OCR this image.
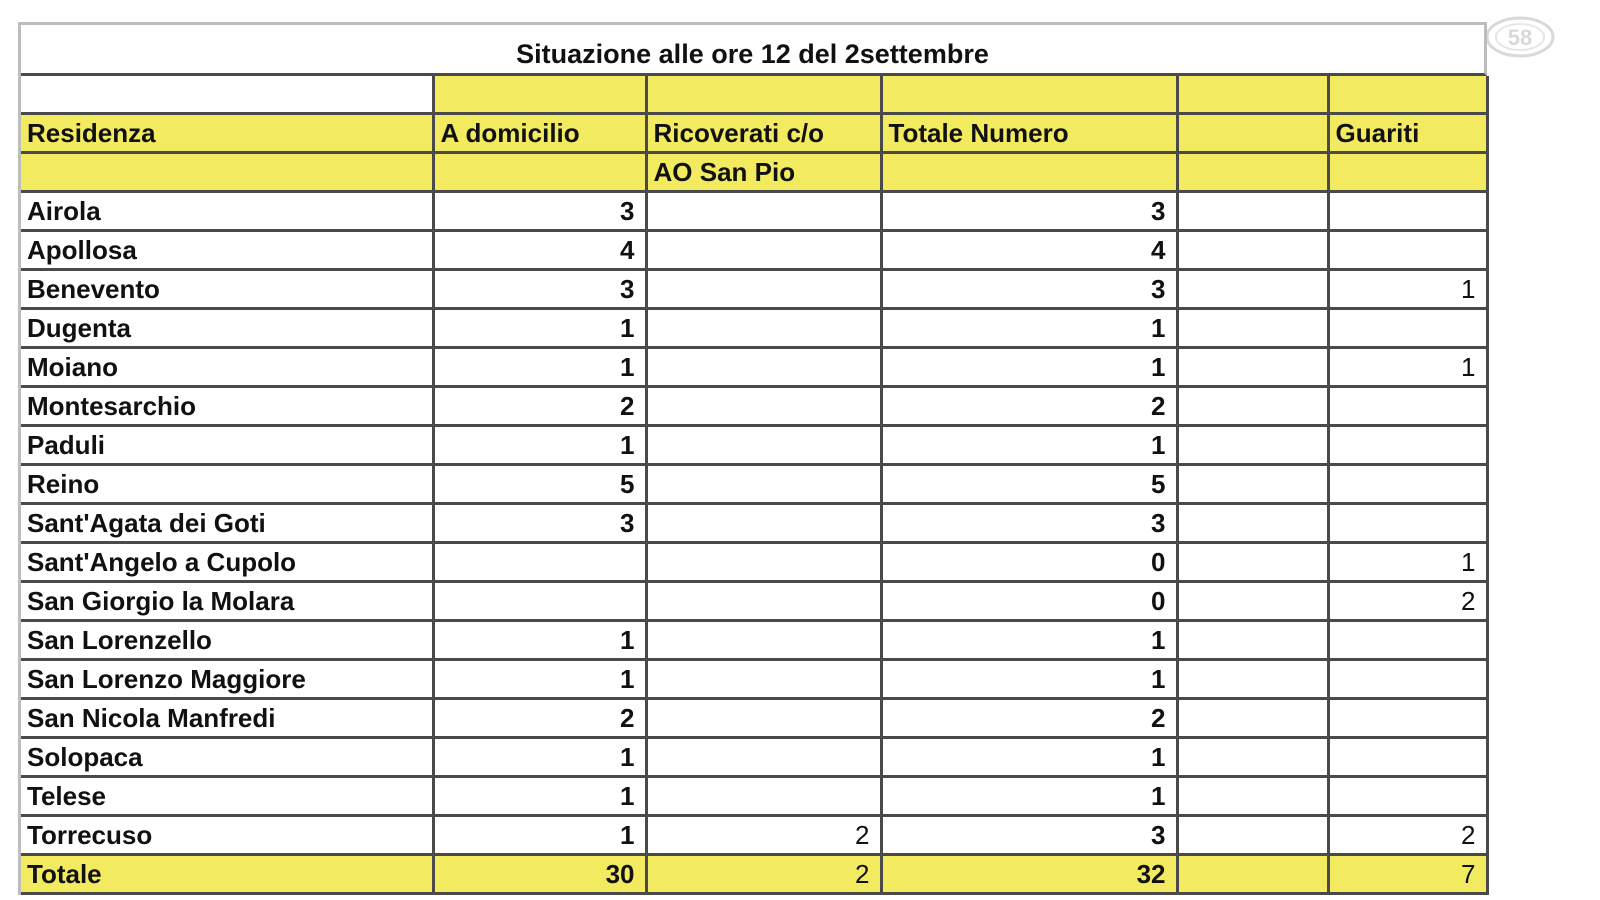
58
Situazione alle ore 12 del 2settembre

Residenza	A domicilio	Ricoverati c/o	Totale Numero		Guariti
		AO San Pio			
Airola	3		3		
Apollosa	4		4		
Benevento	3		3		1
Dugenta	1		1		
Moiano	1		1		1
Montesarchio	2		2		
Paduli	1		1		
Reino	5		5		
Sant'Agata dei Goti	3		3		
Sant'Angelo a Cupolo			0		1
San Giorgio la Molara			0		2
San Lorenzello	1		1		
San Lorenzo Maggiore	1		1		
San Nicola Manfredi	2		2		
Solopaca	1		1		
Telese	1		1		
Torrecuso	1	2	3		2
Totale	30	2	32		7
